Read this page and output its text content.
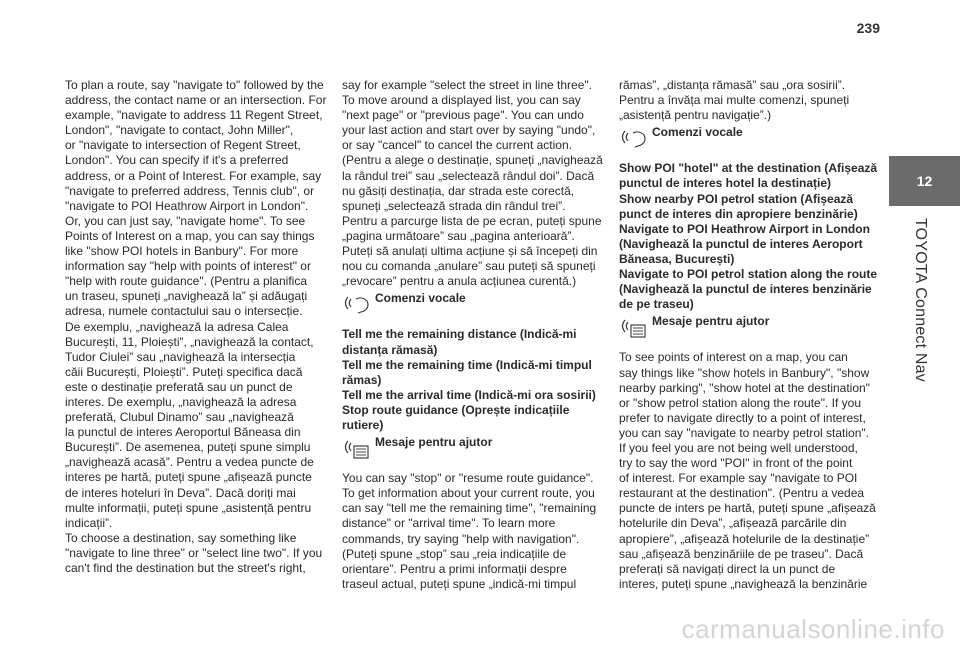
239
12
TOYOTA Connect Nav

To plan a route, say "navigate to" followed by the
address, the contact name or an intersection. For
example, "navigate to address 11 Regent Street,
London", "navigate to contact, John Miller",
or "navigate to intersection of Regent Street,
London". You can specify if it's a preferred
address, or a Point of Interest. For example, say
"navigate to preferred address, Tennis club", or
"navigate to POI Heathrow Airport in London".
Or, you can just say, "navigate home". To see
Points of Interest on a map, you can say things
like "show POI hotels in Banbury". For more
information say "help with points of interest" or
"help with route guidance". (Pentru a planifica
un traseu, spuneți „navighează la” și adăugați
adresa, numele contactului sau o intersecție.
De exemplu, „navighează la adresa Calea
București, 11, Ploiești”, „navighează la contact,
Tudor Ciulei” sau „navighează la intersecția
căii București, Ploiești”. Puteți specifica dacă
este o destinație preferată sau un punct de
interes. De exemplu, „navighează la adresa
preferată, Clubul Dinamo” sau „navighează
la punctul de interes Aeroportul Băneasa din
București”. De asemenea, puteți spune simplu
„navighează acasă”. Pentru a vedea puncte de
interes pe hartă, puteți spune „afișează puncte
de interes hoteluri în Deva”. Dacă doriți mai
multe informații, puteți spune „asistență pentru
indicații”.
To choose a destination, say something like
"navigate to line three" or "select line two". If you
can't find the destination but the street's right,

say for example "select the street in line three".
To move around a displayed list, you can say
"next page" or "previous page". You can undo
your last action and start over by saying "undo",
or say "cancel" to cancel the current action.
(Pentru a alege o destinație, spuneți „navighează
la rândul trei” sau „selectează rândul doi”. Dacă
nu găsiți destinația, dar strada este corectă,
spuneți „selectează strada din rândul trei”.
Pentru a parcurge lista de pe ecran, puteți spune
„pagina următoare” sau „pagina anterioară”.
Puteți să anulați ultima acțiune și să începeți din
nou cu comanda „anulare” sau puteți să spuneți
„revocare” pentru a anula acțiunea curentă.)

Comenzi vocale

Tell me the remaining distance (Indică-mi
distanța rămasă)
Tell me the remaining time (Indică-mi timpul
rămas)
Tell me the arrival time (Indică-mi ora sosirii)
Stop route guidance (Oprește indicațiile
rutiere)

Mesaje pentru ajutor

You can say "stop" or "resume route guidance".
To get information about your current route, you
can say "tell me the remaining time", "remaining
distance" or "arrival time". To learn more
commands, try saying "help with navigation".
(Puteți spune „stop” sau „reia indicațiile de
orientare”. Pentru a primi informații despre
traseul actual, puteți spune „indică-mi timpul

rămas”, „distanța rămasă” sau „ora sosirii”.
Pentru a învăța mai multe comenzi, spuneți
„asistență pentru navigație”.)

Comenzi vocale

Show POI "hotel" at the destination (Afișează
punctul de interes hotel la destinație)
Show nearby POI petrol station (Afișează
punct de interes din apropiere benzinărie)
Navigate to POI Heathrow Airport in London
(Navighează la punctul de interes Aeroport
Băneasa, București)
Navigate to POI petrol station along the route
(Navighează la punctul de interes benzinărie
de pe traseu)

Mesaje pentru ajutor

To see points of interest on a map, you can
say things like "show hotels in Banbury", "show
nearby parking", "show hotel at the destination"
or "show petrol station along the route". If you
prefer to navigate directly to a point of interest,
you can say "navigate to nearby petrol station".
If you feel you are not being well understood,
try to say the word "POI" in front of the point
of interest. For example say "navigate to POI
restaurant at the destination". (Pentru a vedea
puncte de inters pe hartă, puteți spune „afișează
hotelurile din Deva”, „afișează parcările din
apropiere”, „afișează hotelurile de la destinație”
sau „afișează benzinăriile de pe traseu”. Dacă
preferați să navigați direct la un punct de
interes, puteți spune „navighează la benzinărie

carmanualsonline.info
